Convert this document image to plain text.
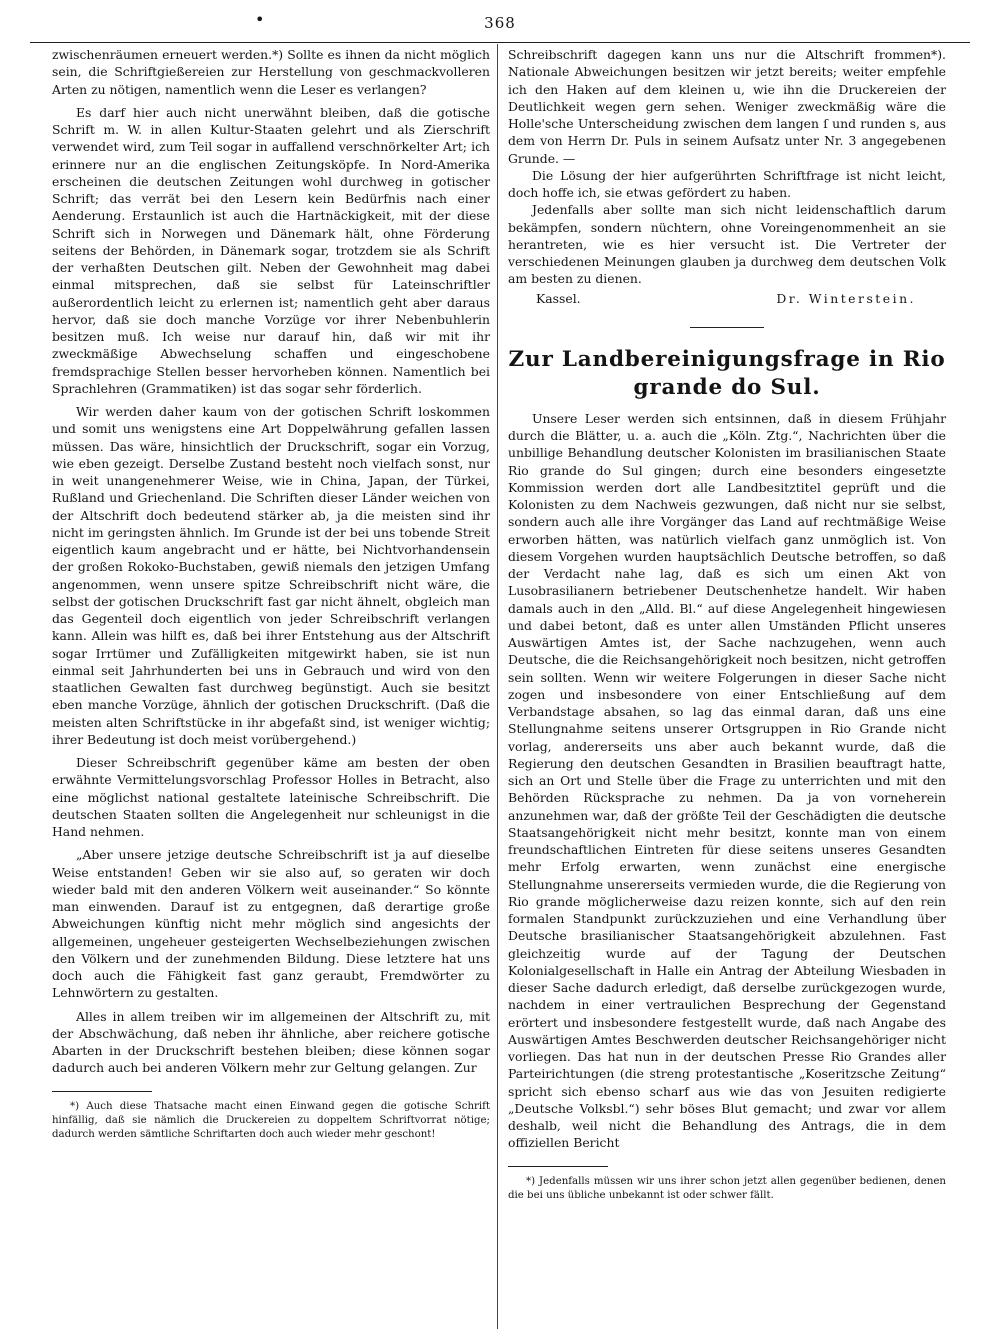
•	368

zwischenräumen erneuert werden.*) Sollte es ihnen da nicht möglich sein, die Schriftgießereien zur Herstellung von geschmackvolleren Arten zu nötigen, namentlich wenn die Leser es verlangen?

Es darf hier auch nicht unerwähnt bleiben, daß die gotische Schrift m. W. in allen Kultur-Staaten gelehrt und als Zierschrift verwendet wird, zum Teil sogar in auffallend verschnörkelter Art; ich erinnere nur an die englischen Zeitungsköpfe. In Nord-Amerika erscheinen die deutschen Zeitungen wohl durchweg in gotischer Schrift; das verrät bei den Lesern kein Bedürfnis nach einer Aenderung. Erstaunlich ist auch die Hartnäckigkeit, mit der diese Schrift sich in Norwegen und Dänemark hält, ohne Förderung seitens der Behörden, in Dänemark sogar, trotzdem sie als Schrift der verhaßten Deutschen gilt. Neben der Gewohnheit mag dabei einmal mitsprechen, daß sie selbst für Lateinschriftler außerordentlich leicht zu erlernen ist; namentlich geht aber daraus hervor, daß sie doch manche Vorzüge vor ihrer Nebenbuhlerin besitzen muß. Ich weise nur darauf hin, daß wir mit ihr zweckmäßige Abwechselung schaffen und eingeschobene fremdsprachige Stellen besser hervorheben können. Namentlich bei Sprachlehren (Grammatiken) ist das sogar sehr förderlich.

Wir werden daher kaum von der gotischen Schrift loskommen und somit uns wenigstens eine Art Doppelwährung gefallen lassen müssen. Das wäre, hinsichtlich der Druckschrift, sogar ein Vorzug, wie eben gezeigt. Derselbe Zustand besteht noch vielfach sonst, nur in weit unangenehmerer Weise, wie in China, Japan, der Türkei, Rußland und Griechenland. Die Schriften dieser Länder weichen von der Altschrift doch bedeutend stärker ab, ja die meisten sind ihr nicht im geringsten ähnlich. Im Grunde ist der bei uns tobende Streit eigentlich kaum angebracht und er hätte, bei Nichtvorhandensein der großen Rokoko-Buchstaben, gewiß niemals den jetzigen Umfang angenommen, wenn unsere spitze Schreibschrift nicht wäre, die selbst der gotischen Druckschrift fast gar nicht ähnelt, obgleich man das Gegenteil doch eigentlich von jeder Schreibschrift verlangen kann. Allein was hilft es, daß bei ihrer Entstehung aus der Altschrift sogar Irrtümer und Zufälligkeiten mitgewirkt haben, sie ist nun einmal seit Jahrhunderten bei uns in Gebrauch und wird von den staatlichen Gewalten fast durchweg begünstigt. Auch sie besitzt eben manche Vorzüge, ähnlich der gotischen Druckschrift. (Daß die meisten alten Schriftstücke in ihr abgefaßt sind, ist weniger wichtig; ihrer Bedeutung ist doch meist vorübergehend.)

Dieser Schreibschrift gegenüber käme am besten der oben erwähnte Vermittelungsvorschlag Professor Holles in Betracht, also eine möglichst national gestaltete lateinische Schreibschrift. Die deutschen Staaten sollten die Angelegenheit nur schleunigst in die Hand nehmen.

„Aber unsere jetzige deutsche Schreibschrift ist ja auf dieselbe Weise entstanden! Geben wir sie also auf, so geraten wir doch wieder bald mit den anderen Völkern weit auseinander.“ So könnte man einwenden. Darauf ist zu entgegnen, daß derartige große Abweichungen künftig nicht mehr möglich sind angesichts der allgemeinen, ungeheuer gesteigerten Wechselbeziehungen zwischen den Völkern und der zunehmenden Bildung. Diese letztere hat uns doch auch die Fähigkeit fast ganz geraubt, Fremdwörter zu Lehnwörtern zu gestalten.

Alles in allem treiben wir im allgemeinen der Altschrift zu, mit der Abschwächung, daß neben ihr ähnliche, aber reichere gotische Abarten in der Druckschrift bestehen bleiben; diese können sogar dadurch auch bei anderen Völkern mehr zur Geltung gelangen. Zur

*) Auch diese Thatsache macht einen Einwand gegen die gotische Schrift hinfällig, daß sie nämlich die Druckereien zu doppeltem Schriftvorrat nötige; dadurch werden sämtliche Schriftarten doch auch wieder mehr geschont!

Schreibschrift dagegen kann uns nur die Altschrift frommen*). Nationale Abweichungen besitzen wir jetzt bereits; weiter empfehle ich den Haken auf dem kleinen u, wie ihn die Druckereien der Deutlichkeit wegen gern sehen. Weniger zweckmäßig wäre die Holle'sche Unterscheidung zwischen dem langen ſ und runden s, aus dem von Herrn Dr. Puls in seinem Aufsatz unter Nr. 3 angegebenen Grunde. —

Die Lösung der hier aufgerührten Schriftfrage ist nicht leicht, doch hoffe ich, sie etwas gefördert zu haben.

Jedenfalls aber sollte man sich nicht leidenschaftlich darum bekämpfen, sondern nüchtern, ohne Voreingenommenheit an sie herantreten, wie es hier versucht ist. Die Vertreter der verschiedenen Meinungen glauben ja durchweg dem deutschen Volk am besten zu dienen.

Kassel.	Dr. Winterstein.
Zur Landbereinigungsfrage in Rio grande do Sul.

Unsere Leser werden sich entsinnen, daß in diesem Frühjahr durch die Blätter, u. a. auch die „Köln. Ztg.“, Nachrichten über die unbillige Behandlung deutscher Kolonisten im brasilianischen Staate Rio grande do Sul gingen; durch eine besonders eingesetzte Kommission werden dort alle Landbesitztitel geprüft und die Kolonisten zu dem Nachweis gezwungen, daß nicht nur sie selbst, sondern auch alle ihre Vorgänger das Land auf rechtmäßige Weise erworben hätten, was natürlich vielfach ganz unmöglich ist. Von diesem Vorgehen wurden hauptsächlich Deutsche betroffen, so daß der Verdacht nahe lag, daß es sich um einen Akt von Lusobrasilianern betriebener Deutschenhetze handelt. Wir haben damals auch in den „Alld. Bl.“ auf diese Angelegenheit hingewiesen und dabei betont, daß es unter allen Umständen Pflicht unseres Auswärtigen Amtes ist, der Sache nachzugehen, wenn auch Deutsche, die die Reichsangehörigkeit noch besitzen, nicht getroffen sein sollten. Wenn wir weitere Folgerungen in dieser Sache nicht zogen und insbesondere von einer Entschließung auf dem Verbandstage absahen, so lag das einmal daran, daß uns eine Stellungnahme seitens unserer Ortsgruppen in Rio Grande nicht vorlag, andererseits uns aber auch bekannt wurde, daß die Regierung den deutschen Gesandten in Brasilien beauftragt hatte, sich an Ort und Stelle über die Frage zu unterrichten und mit den Behörden Rücksprache zu nehmen. Da ja von vorneherein anzunehmen war, daß der größte Teil der Geschädigten die deutsche Staatsangehörigkeit nicht mehr besitzt, konnte man von einem freundschaftlichen Eintreten für diese seitens unseres Gesandten mehr Erfolg erwarten, wenn zunächst eine energische Stellungnahme unsererseits vermieden wurde, die die Regierung von Rio grande möglicherweise dazu reizen konnte, sich auf den rein formalen Standpunkt zurückzuziehen und eine Verhandlung über Deutsche brasilianischer Staatsangehörigkeit abzulehnen. Fast gleichzeitig wurde auf der Tagung der Deutschen Kolonialgesellschaft in Halle ein Antrag der Abteilung Wiesbaden in dieser Sache dadurch erledigt, daß derselbe zurückgezogen wurde, nachdem in einer vertraulichen Besprechung der Gegenstand erörtert und insbesondere festgestellt wurde, daß nach Angabe des Auswärtigen Amtes Beschwerden deutscher Reichsangehöriger nicht vorliegen. Das hat nun in der deutschen Presse Rio Grandes aller Parteirichtungen (die streng protestantische „Koseritzsche Zeitung“ spricht sich ebenso scharf aus wie das von Jesuiten redigierte „Deutsche Volksbl.“) sehr böses Blut gemacht; und zwar vor allem deshalb, weil nicht die Behandlung des Antrags, die in dem offiziellen Bericht

*) Jedenfalls müssen wir uns ihrer schon jetzt allen gegenüber bedienen, denen die bei uns übliche unbekannt ist oder schwer fällt.
